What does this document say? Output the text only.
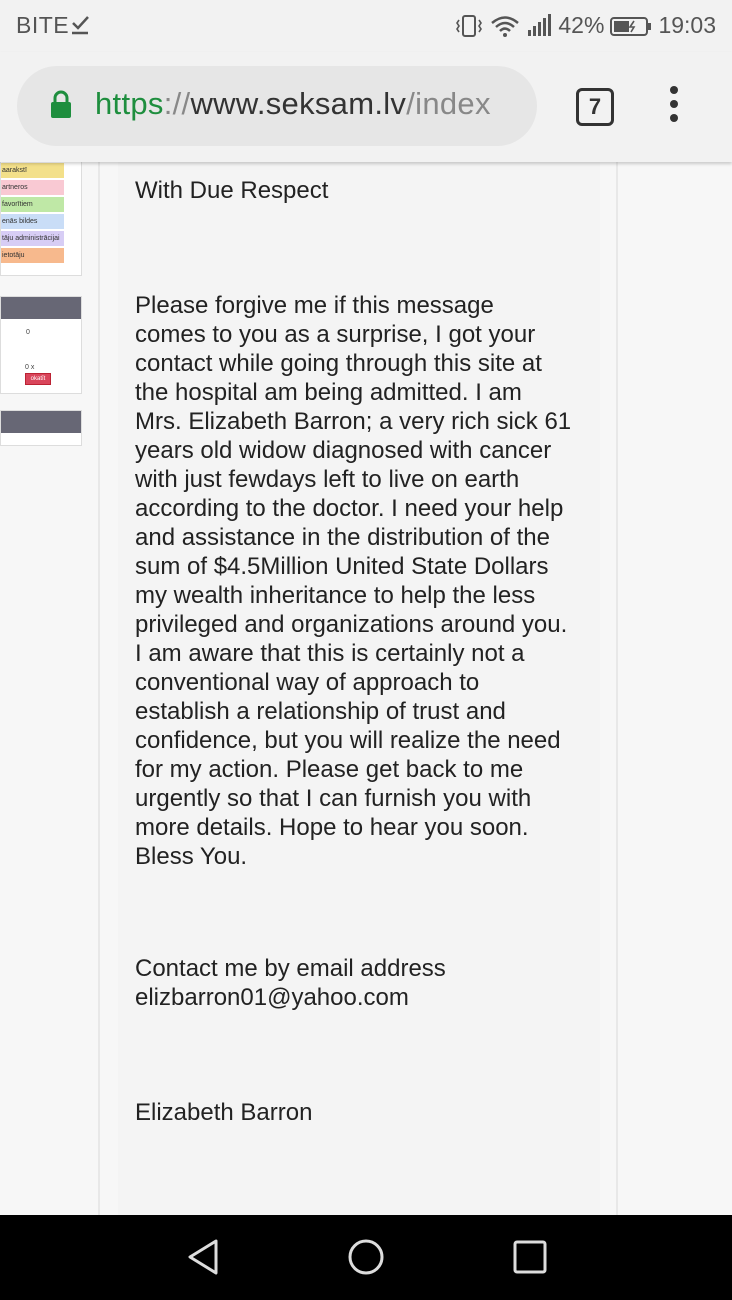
BITE	42% 19:03
https://www.seksam.lv/index	7
aarakstī
artneros
favorītiem
enās bildes
tāju administrācijai
ietotāju
0
0 x
okatīt
With Due Respect
Please forgive me if this message
comes to you as a surprise, I got your
contact while going through this site at
the hospital am being admitted. I am
Mrs. Elizabeth Barron; a very rich sick 61
years old widow diagnosed with cancer
with just fewdays left to live on earth
according to the doctor. I need your help
and assistance in the distribution of the
sum of $4.5Million United State Dollars
my wealth inheritance to help the less
privileged and organizations around you.
I am aware that this is certainly not a
conventional way of approach to
establish a relationship of trust and
confidence, but you will realize the need
for my action. Please get back to me
urgently so that I can furnish you with
more details. Hope to hear you soon.
Bless You.
Contact me by email address
elizbarron01@yahoo.com
Elizabeth Barron
